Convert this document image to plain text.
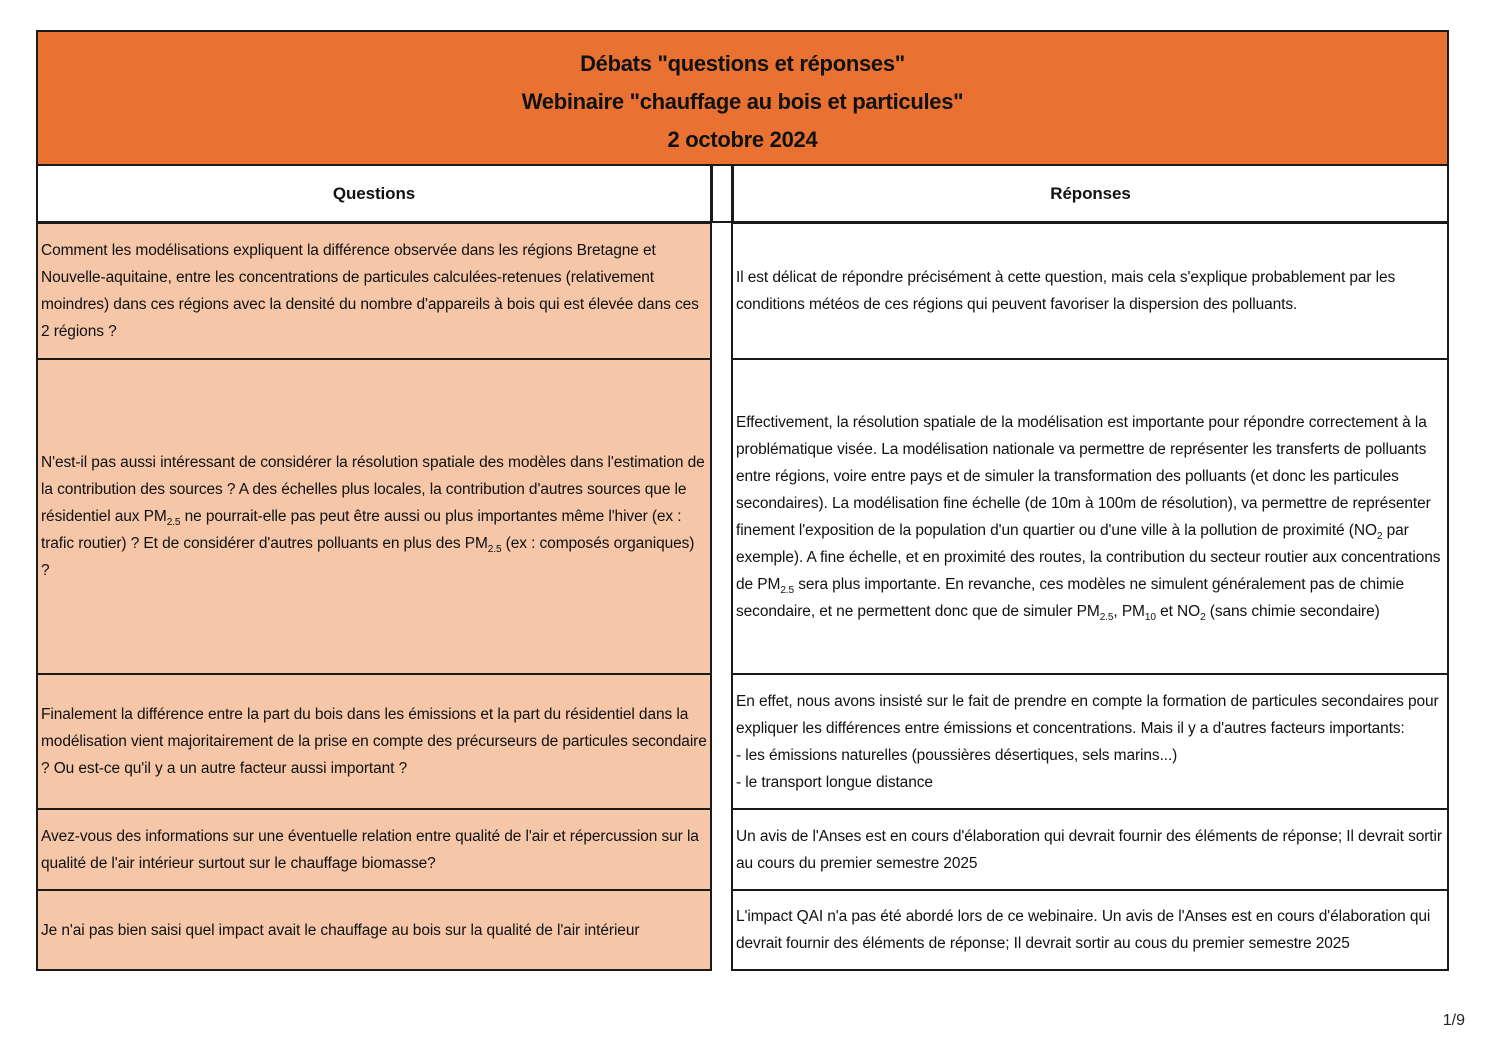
Débats "questions et réponses"
Webinaire "chauffage au bois et particules"
2 octobre 2024
Questions	Réponses
Comment les modélisations expliquent la différence observée dans les régions Bretagne et Nouvelle-aquitaine, entre les concentrations de particules calculées-retenues (relativement moindres) dans ces régions avec la densité du nombre d'appareils à bois qui est élevée dans ces 2 régions ?
Il est délicat de répondre précisément à cette question, mais cela s'explique probablement par les conditions météos de ces régions qui peuvent favoriser la dispersion des polluants.
N'est-il pas aussi intéressant de considérer la résolution spatiale des modèles dans l'estimation de la contribution des sources ? A des échelles plus locales, la contribution d'autres sources que le résidentiel aux $PM_{2.5}$ ne pourrait-elle pas peut être aussi ou plus importantes même l'hiver (ex : trafic routier) ? Et de considérer d'autres polluants en plus des $PM_{2.5}$ (ex : composés organiques) ?
Effectivement, la résolution spatiale de la modélisation est importante pour répondre correctement à la problématique visée. La modélisation nationale va permettre de représenter les transferts de polluants entre régions, voire entre pays et de simuler la transformation des polluants (et donc les particules secondaires). La modélisation fine échelle (de 10m à 100m de résolution), va permettre de représenter finement l'exposition de la population d'un quartier ou d'une ville à la pollution de proximité ($NO_2$ par exemple). A fine échelle, et en proximité des routes, la contribution du secteur routier aux concentrations de $PM_{2.5}$ sera plus importante. En revanche, ces modèles ne simulent généralement pas de chimie secondaire, et ne permettent donc que de simuler $PM_{2.5}$, $PM_{10}$ et $NO_2$ (sans chimie secondaire)
Finalement la différence entre la part du bois dans les émissions et la part du résidentiel dans la modélisation vient majoritairement de la prise en compte des précurseurs de particules secondaire ? Ou est-ce qu'il y a un autre facteur aussi important ?
En effet, nous avons insisté sur le fait de prendre en compte la formation de particules secondaires pour expliquer les différences entre émissions et concentrations. Mais il y a d'autres facteurs importants:
- les émissions naturelles (poussières désertiques, sels marins...)
- le transport longue distance
Avez-vous des informations sur une éventuelle relation entre qualité de l'air et répercussion sur la qualité de l'air intérieur surtout sur le chauffage biomasse?
Un avis de l'Anses est en cours d'élaboration qui devrait fournir des éléments de réponse; Il devrait sortir au cours du premier semestre 2025
Je n'ai pas bien saisi quel impact avait le chauffage au bois sur la qualité de l'air intérieur
L'impact QAI n'a pas été abordé lors de ce webinaire. Un avis de l'Anses est en cours d'élaboration qui devrait fournir des éléments de réponse; Il devrait sortir au cous du premier semestre 2025
1/9
